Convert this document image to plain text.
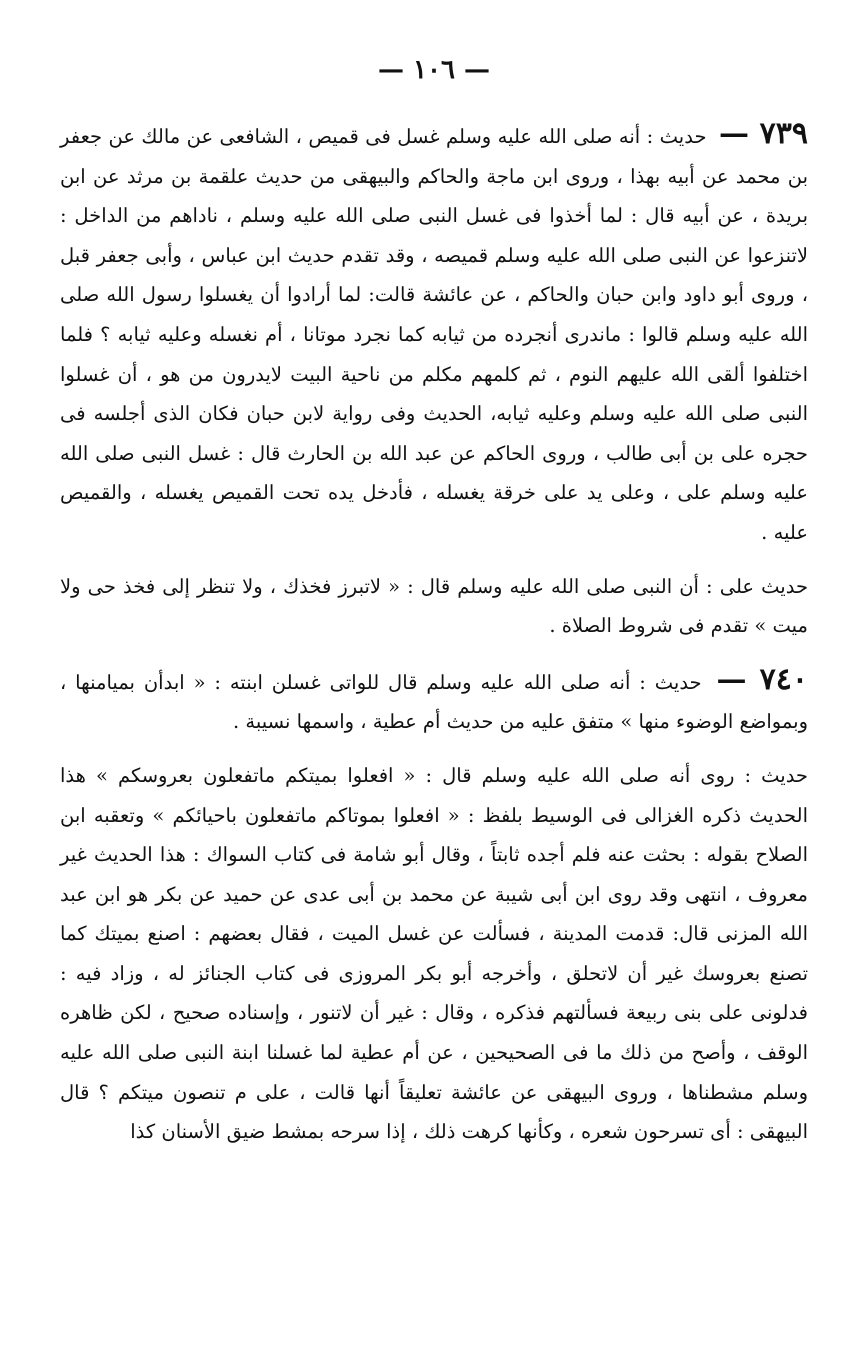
— ١٠٦ —

٧٣٩ — حديث : أنه صلى الله عليه وسلم غسل فى قميص ، الشافعى عن مالك عن جعفر بن محمد عن أبيه بهذا ، وروى ابن ماجة والحاكم والبيهقى من حديث علقمة بن مرثد عن ابن بريدة ، عن أبيه قال : لما أخذوا فى غسل النبى صلى الله عليه وسلم ، ناداهم من الداخل : لاتنزعوا عن النبى صلى الله عليه وسلم قميصه ، وقد تقدم حديث ابن عباس ، وأبى جعفر قبل ، وروى أبو داود وابن حبان والحاكم ، عن عائشة قالت: لما أرادوا أن يغسلوا رسول الله صلى الله عليه وسلم قالوا : ماندرى أنجرده من ثيابه كما نجرد موتانا ، أم نغسله وعليه ثيابه ؟ فلما اختلفوا ألقى الله عليهم النوم ، ثم كلمهم مكلم من ناحية البيت لايدرون من هو ، أن غسلوا النبى صلى الله عليه وسلم وعليه ثيابه، الحديث وفى رواية لابن حبان فكان الذى أجلسه فى حجره على بن أبى طالب ، وروى الحاكم عن عبد الله بن الحارث قال : غسل النبى صلى الله عليه وسلم على ، وعلى يد على خرقة يغسله ، فأدخل يده تحت القميص يغسله ، والقميص عليه .

حديث على : أن النبى صلى الله عليه وسلم قال : « لاتبرز فخذك ، ولا تنظر إلى فخذ حى ولا ميت » تقدم فى شروط الصلاة .

٧٤٠ — حديث : أنه صلى الله عليه وسلم قال للواتى غسلن ابنته : « ابدأن بميامنها ، وبمواضع الوضوء منها » متفق عليه من حديث أم عطية ، واسمها نسيبة .

حديث : روى أنه صلى الله عليه وسلم قال : « افعلوا بميتكم ماتفعلون بعروسكم » هذا الحديث ذكره الغزالى فى الوسيط بلفظ : « افعلوا بموتاكم ماتفعلون باحيائكم » وتعقبه ابن الصلاح بقوله : بحثت عنه فلم أجده ثابتاً ، وقال أبو شامة فى كتاب السواك : هذا الحديث غير معروف ، انتهى وقد روى ابن أبى شيبة عن محمد بن أبى عدى عن حميد عن بكر هو ابن عبد الله المزنى قال: قدمت المدينة ، فسألت عن غسل الميت ، فقال بعضهم : اصنع بميتك كما تصنع بعروسك غير أن لاتحلق ، وأخرجه أبو بكر المروزى فى كتاب الجنائز له ، وزاد فيه : فدلونى على بنى ربيعة فسألتهم فذكره ، وقال : غير أن لاتنور ، وإسناده صحيح ، لكن ظاهره الوقف ، وأصح من ذلك ما فى الصحيحين ، عن أم عطية لما غسلنا ابنة النبى صلى الله عليه وسلم مشطناها ، وروى البيهقى عن عائشة تعليقاً أنها قالت ، على م تنصون ميتكم ؟ قال البيهقى : أى تسرحون شعره ، وكأنها كرهت ذلك ، إذا سرحه بمشط ضيق الأسنان كذا
